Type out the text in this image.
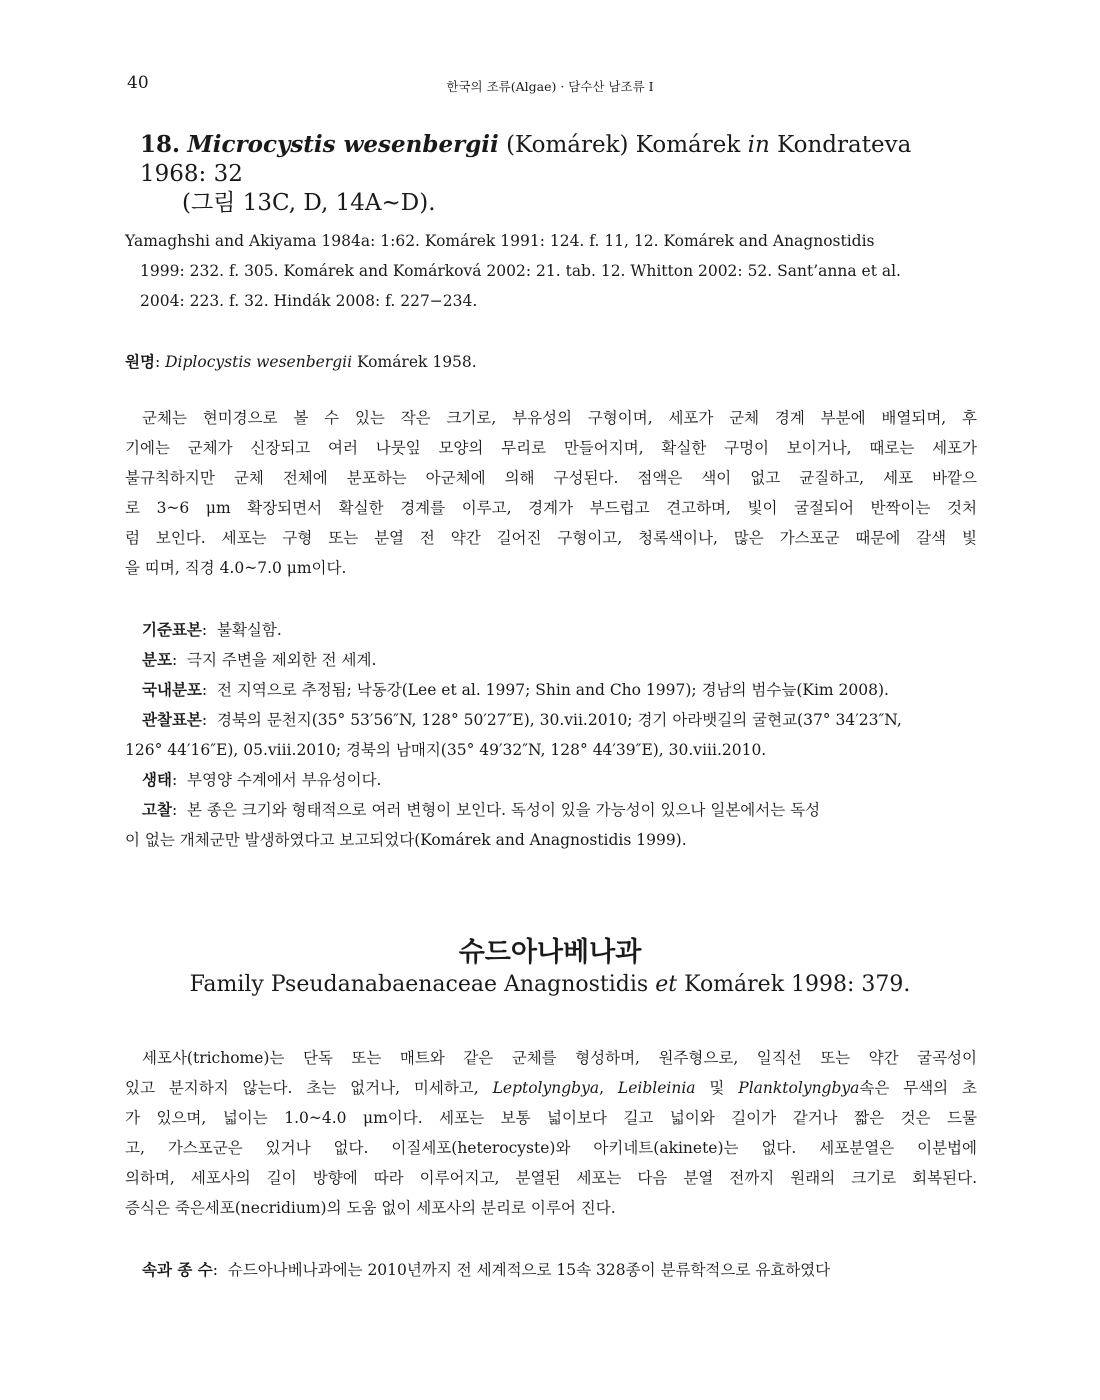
40	한국의 조류(Algae) · 담수산 남조류 I
18. Microcystis wesenbergii (Komárek) Komárek in Kondrateva 1968: 32
(그림 13C, D, 14A~D).
Yamaghshi and Akiyama 1984a: 1:62. Komárek 1991: 124. f. 11, 12. Komárek and Anagnostidis
1999: 232. f. 305. Komárek and Komárková 2002: 21. tab. 12. Whitton 2002: 52. Sant’anna et al.
2004: 223. f. 32. Hindák 2008: f. 227−234.
원명: Diplocystis wesenbergii Komárek 1958.
군체는 현미경으로 볼 수 있는 작은 크기로, 부유성의 구형이며, 세포가 군체 경계 부분에 배열되며, 후
기에는 군체가 신장되고 여러 나뭇잎 모양의 무리로 만들어지며, 확실한 구멍이 보이거나, 때로는 세포가
불규칙하지만 군체 전체에 분포하는 아군체에 의해 구성된다. 점액은 색이 없고 균질하고, 세포 바깥으
로 3~6 μm 확장되면서 확실한 경계를 이루고, 경계가 부드럽고 견고하며, 빛이 굴절되어 반짝이는 것처
럼 보인다. 세포는 구형 또는 분열 전 약간 길어진 구형이고, 청록색이나, 많은 가스포군 때문에 갈색 빛
을 띠며, 직경 4.0~7.0 μm이다.
기준표본:  불확실함.
분포:  극지 주변을 제외한 전 세계.
국내분포:  전 지역으로 추정됨; 낙동강(Lee et al. 1997; Shin and Cho 1997); 경남의 범수늪(Kim 2008).
관찰표본:  경북의 문천지(35° 53′56″N, 128° 50′27″E), 30.vii.2010; 경기 아라뱃길의 굴현교(37° 34′23″N,
126° 44′16″E), 05.viii.2010; 경북의 남매지(35° 49′32″N, 128° 44′39″E), 30.viii.2010.
생태:  부영양 수계에서 부유성이다.
고찰:  본 종은 크기와 형태적으로 여러 변형이 보인다. 독성이 있을 가능성이 있으나 일본에서는 독성
이 없는 개체군만 발생하였다고 보고되었다(Komárek and Anagnostidis 1999).
슈드아나베나과
Family Pseudanabaenaceae Anagnostidis et Komárek 1998: 379.
세포사(trichome)는 단독 또는 매트와 같은 군체를 형성하며, 원주형으로, 일직선 또는 약간 굴곡성이
있고 분지하지 않는다. 초는 없거나, 미세하고, Leptolyngbya, Leibleinia 및 Planktolyngbya속은 무색의 초
가 있으며, 넓이는 1.0~4.0 μm이다. 세포는 보통 넓이보다 길고 넓이와 길이가 같거나 짧은 것은 드물
고, 가스포군은 있거나 없다. 이질세포(heterocyste)와 아키네트(akinete)는 없다. 세포분열은 이분법에
의하며, 세포사의 길이 방향에 따라 이루어지고, 분열된 세포는 다음 분열 전까지 원래의 크기로 회복된다.
증식은 죽은세포(necridium)의 도움 없이 세포사의 분리로 이루어 진다.
속과 종 수:  슈드아나베나과에는 2010년까지 전 세계적으로 15속 328종이 분류학적으로 유효하였다
